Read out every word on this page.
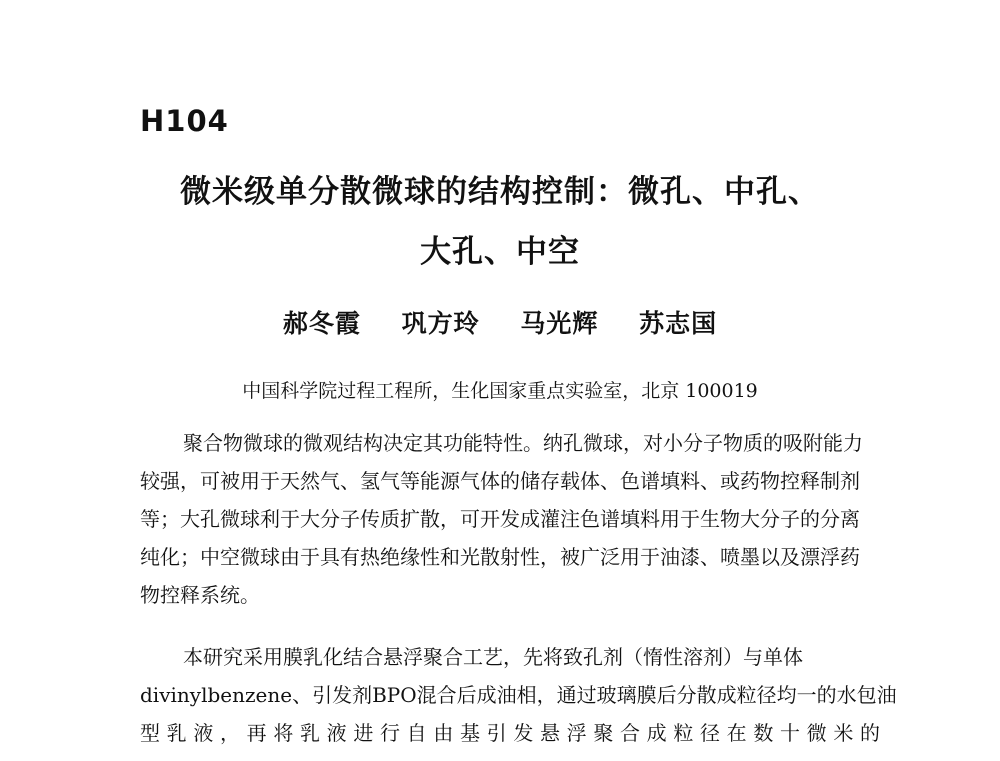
H104
微米级单分散微球的结构控制：微孔、中孔、
大孔、中空
郝冬霞 巩方玲 马光辉 苏志国
中国科学院过程工程所，生化国家重点实验室，北京 100019
聚合物微球的微观结构决定其功能特性。纳孔微球，对小分子物质的吸附能力
较强，可被用于天然气、氢气等能源气体的储存载体、色谱填料、或药物控释制剂
等；大孔微球利于大分子传质扩散，可开发成灌注色谱填料用于生物大分子的分离
纯化；中空微球由于具有热绝缘性和光散射性，被广泛用于油漆、喷墨以及漂浮药
物控释系统。
本研究采用膜乳化结合悬浮聚合工艺，先将致孔剂（惰性溶剂）与单体
divinylbenzene、引发剂BPO混合后成油相，通过玻璃膜后分散成粒径均一的水包油
型乳液，再将乳液进行自由基引发悬浮聚合成粒径在数十微米的
